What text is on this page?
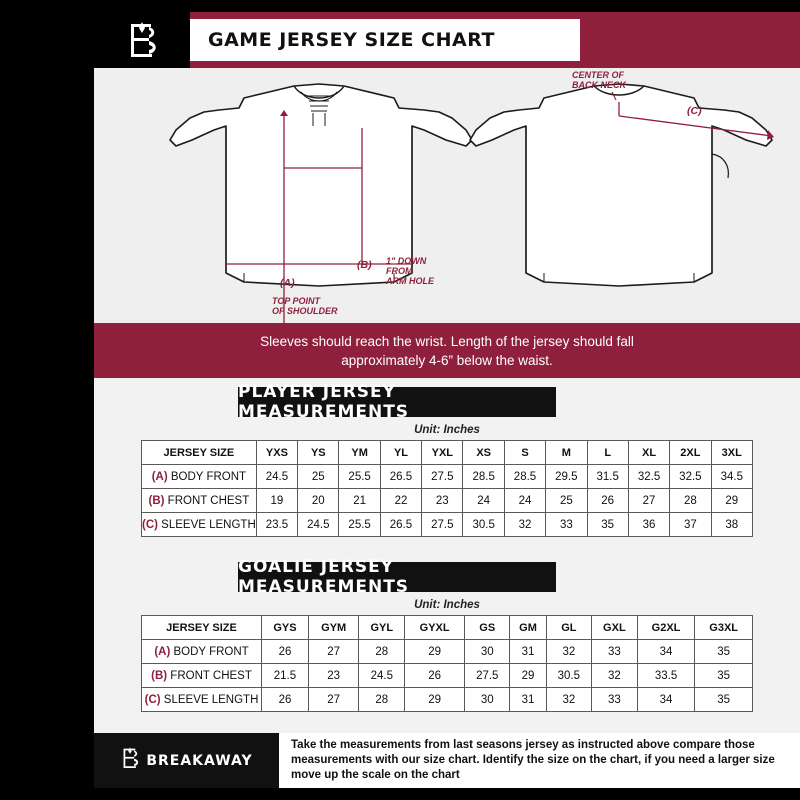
GAME JERSEY SIZE CHART
(A)
TOP POINT
OF SHOULDER
(B) 1" DOWN
FROM
ARM HOLE
(C)
CENTER OF
BACK NECK
Sleeves should reach the wrist. Length of the jersey should fall
approximately 4-6” below the waist.
PLAYER JERSEY MEASUREMENTS
Unit: Inches
JERSEY SIZE	YXS	YS	YM	YL	YXL	XS	S	M	L	XL	2XL	3XL
(A) BODY FRONT	24.5	25	25.5	26.5	27.5	28.5	28.5	29.5	31.5	32.5	32.5	34.5
(B) FRONT CHEST	19	20	21	22	23	24	24	25	26	27	28	29
(C) SLEEVE LENGTH	23.5	24.5	25.5	26.5	27.5	30.5	32	33	35	36	37	38
GOALIE JERSEY MEASUREMENTS
Unit: Inches
JERSEY SIZE	GYS	GYM	GYL	GYXL	GS	GM	GL	GXL	G2XL	G3XL
(A) BODY FRONT	26	27	28	29	30	31	32	33	34	35
(B) FRONT CHEST	21.5	23	24.5	26	27.5	29	30.5	32	33.5	35
(C) SLEEVE LENGTH	26	27	28	29	30	31	32	33	34	35
BREAKAWAY
Take the measurements from last seasons jersey as instructed above compare those measurements with our size chart. Identify the size on the chart, if you need a larger size move up the scale on the chart
